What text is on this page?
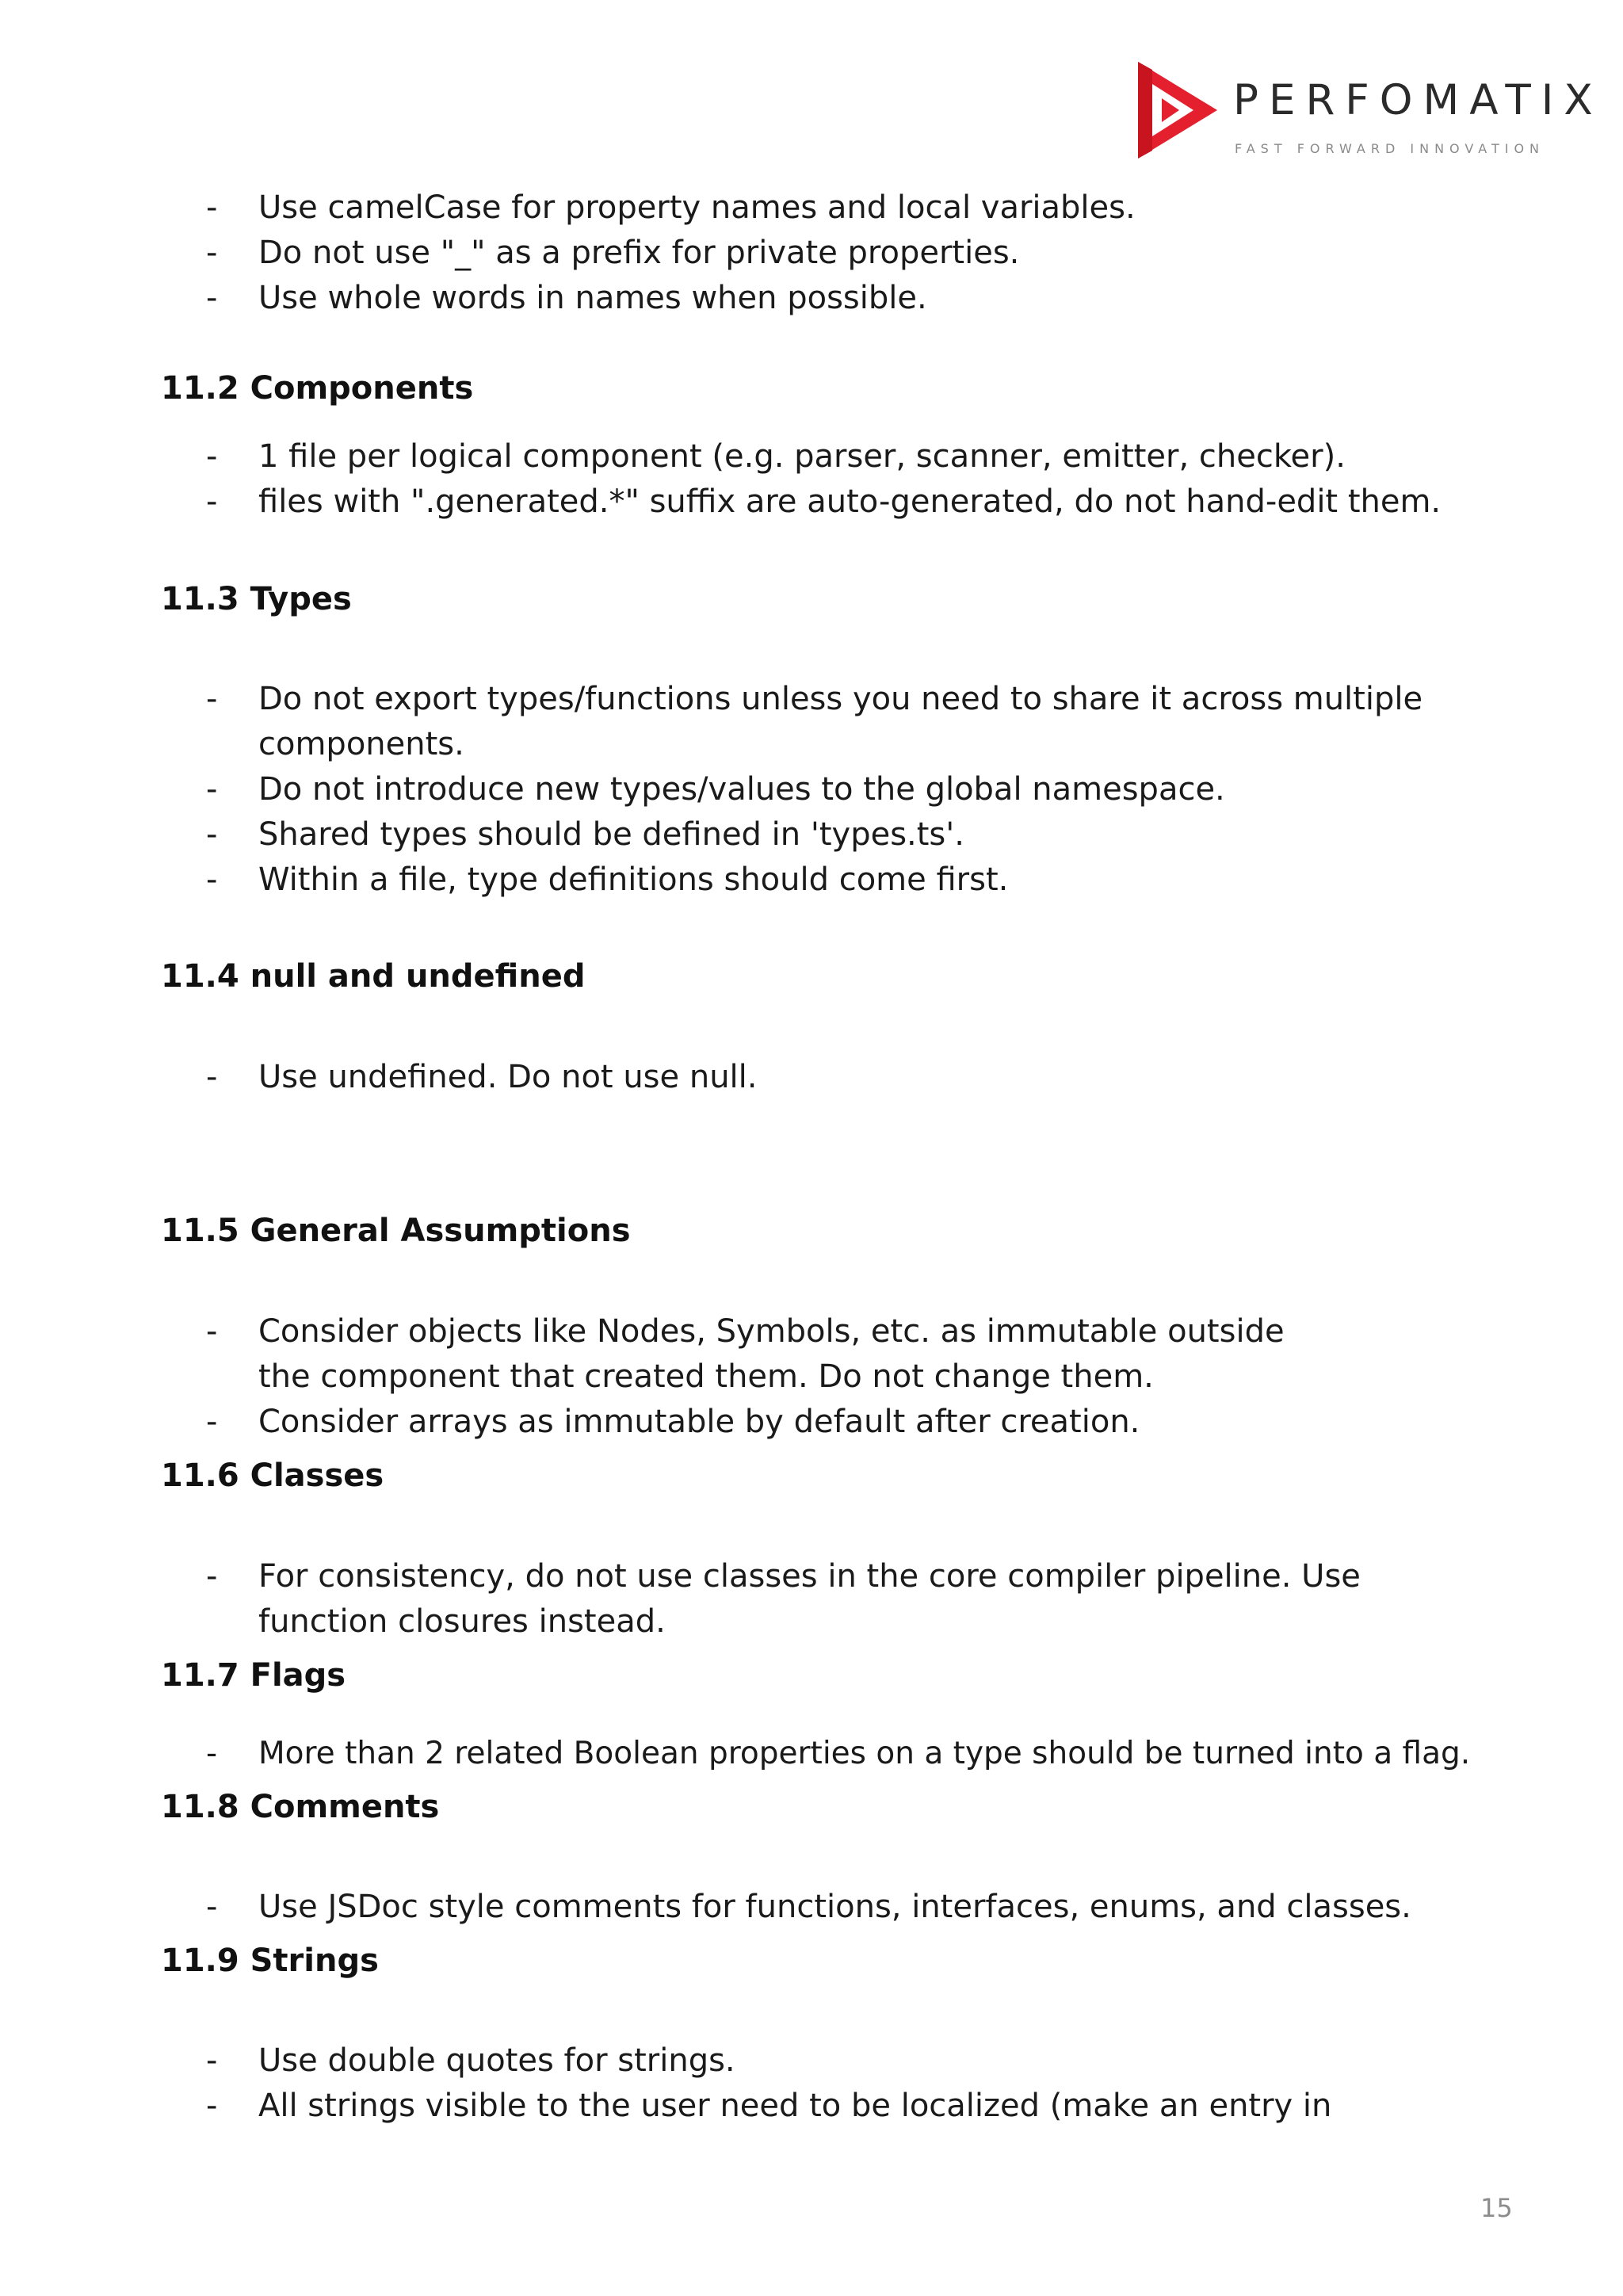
PERFOMATIX
FAST FORWARD INNOVATION
- Use camelCase for property names and local variables.
- Do not use "_" as a prefix for private properties.
- Use whole words in names when possible.
11.2 Components
- 1 file per logical component (e.g. parser, scanner, emitter, checker).
- files with ".generated.*" suffix are auto-generated, do not hand-edit them.
11.3 Types
- Do not export types/functions unless you need to share it across multiple components.
- Do not introduce new types/values to the global namespace.
- Shared types should be defined in 'types.ts'.
- Within a file, type definitions should come first.
11.4 null and undefined
- Use undefined. Do not use null.
11.5 General Assumptions
- Consider objects like Nodes, Symbols, etc. as immutable outside the component that created them. Do not change them.
- Consider arrays as immutable by default after creation.
11.6 Classes
- For consistency, do not use classes in the core compiler pipeline. Use function closures instead.
11.7 Flags
- More than 2 related Boolean properties on a type should be turned into a flag.
11.8 Comments
- Use JSDoc style comments for functions, interfaces, enums, and classes.
11.9 Strings
- Use double quotes for strings.
- All strings visible to the user need to be localized (make an entry in
15
